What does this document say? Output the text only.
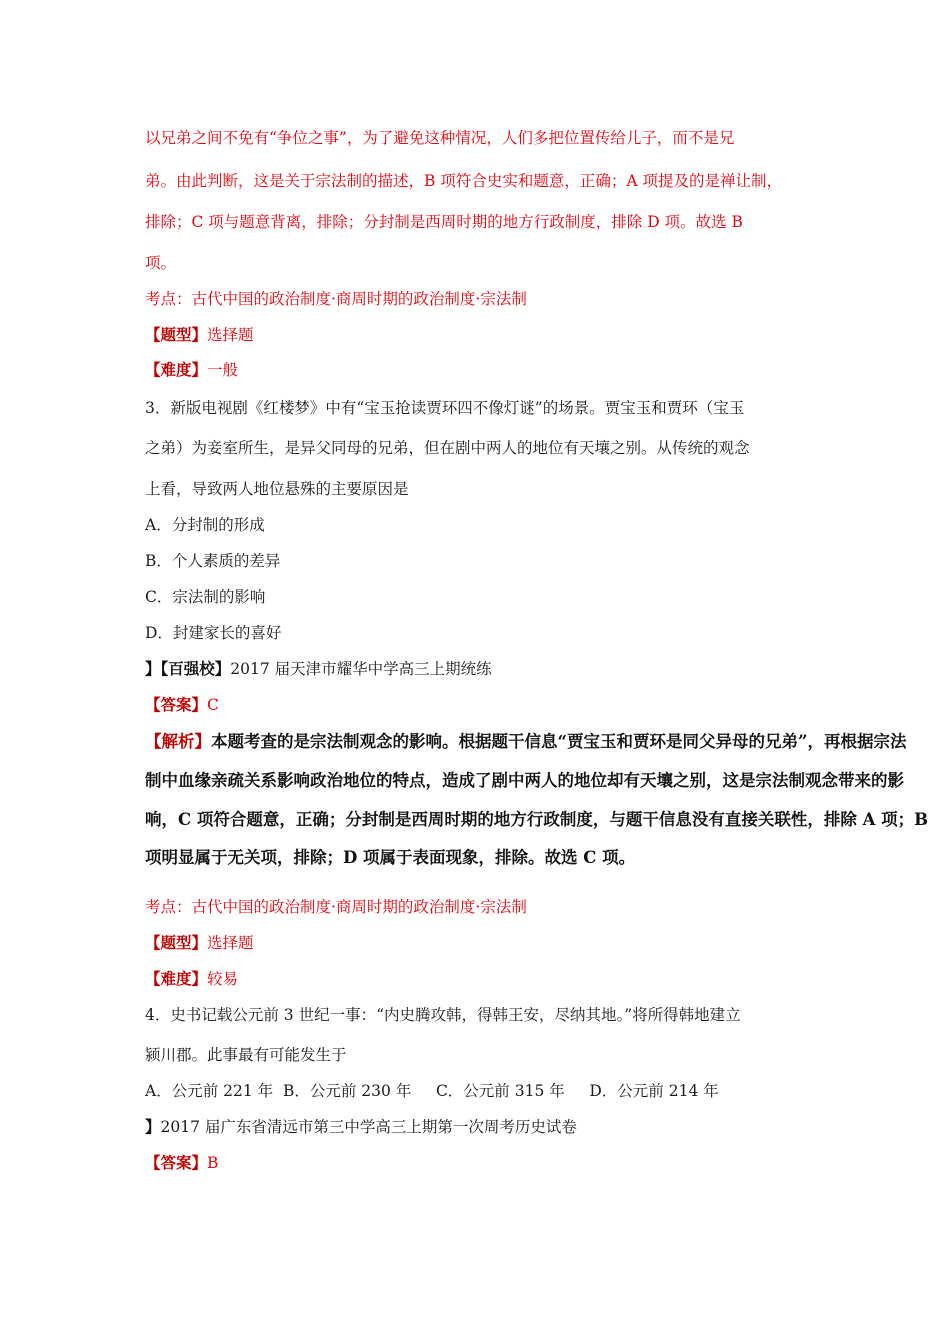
以兄弟之间不免有“争位之事”，为了避免这种情况，人们多把位置传给儿子，而不是兄
弟。由此判断，这是关于宗法制的描述，B 项符合史实和题意，正确；A 项提及的是禅让制，
排除；C 项与题意背离，排除；分封制是西周时期的地方行政制度，排除 D 项。故选 B
项。
考点：古代中国的政治制度·商周时期的政治制度·宗法制
【题型】选择题
【难度】一般
3．新版电视剧《红楼梦》中有“宝玉抢读贾环四不像灯谜”的场景。贾宝玉和贾环（宝玉
之弟）为妾室所生，是异父同母的兄弟，但在剧中两人的地位有天壤之别。从传统的观念
上看，导致两人地位悬殊的主要原因是
A．分封制的形成
B．个人素质的差异
C．宗法制的影响
D．封建家长的喜好
】【百强校】2017 届天津市耀华中学高三上期统练
【答案】C
【解析】本题考查的是宗法制观念的影响。根据题干信息“贾宝玉和贾环是同父异母的兄弟”，再根据宗法
制中血缘亲疏关系影响政治地位的特点，造成了剧中两人的地位却有天壤之别，这是宗法制观念带来的影
响，C 项符合题意，正确；分封制是西周时期的地方行政制度，与题干信息没有直接关联性，排除 A 项；B
项明显属于无关项，排除；D 项属于表面现象，排除。故选 C 项。
考点：古代中国的政治制度·商周时期的政治制度·宗法制
【题型】选择题
【难度】较易
4．史书记载公元前 3 世纪一事：“内史腾攻韩，得韩王安，尽纳其地。”将所得韩地建立
颍川郡。此事最有可能发生于
A．公元前 221 年  B．公元前 230 年     C．公元前 315 年     D．公元前 214 年
】2017 届广东省清远市第三中学高三上期第一次周考历史试卷
【答案】B
